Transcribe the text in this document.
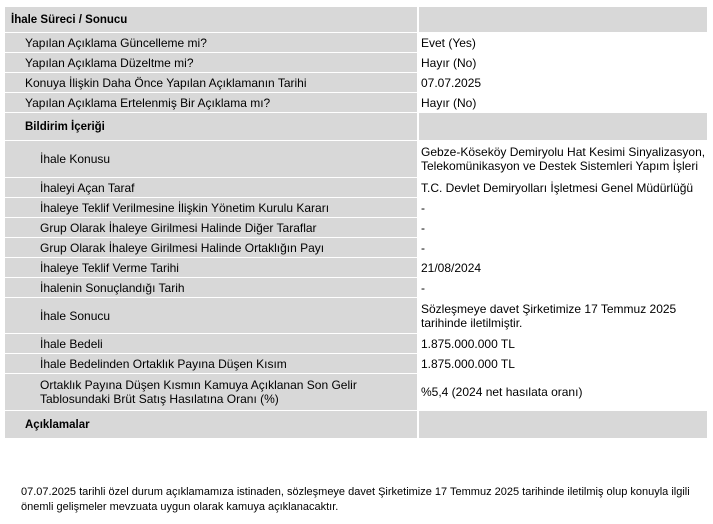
İhale Süreci / Sonucu		
Yapılan Açıklama Güncelleme mi?		Evet (Yes)
Yapılan Açıklama Düzeltme mi?		Hayır (No)
Konuya İlişkin Daha Önce Yapılan Açıklamanın Tarihi		07.07.2025
Yapılan Açıklama Ertelenmiş Bir Açıklama mı?		Hayır (No)
Bildirim İçeriği		
İhale Konusu		Gebze-Köseköy Demiryolu Hat Kesimi Sinyalizasyon, Telekomünikasyon ve Destek Sistemleri Yapım İşleri
İhaleyi Açan Taraf		T.C. Devlet Demiryolları İşletmesi Genel Müdürlüğü
İhaleye Teklif Verilmesine İlişkin Yönetim Kurulu Kararı		-
Grup Olarak İhaleye Girilmesi Halinde Diğer Taraflar		-
Grup Olarak İhaleye Girilmesi Halinde Ortaklığın Payı		-
İhaleye Teklif Verme Tarihi		21/08/2024
İhalenin Sonuçlandığı Tarih		-
İhale Sonucu		Sözleşmeye davet Şirketimize 17 Temmuz 2025 tarihinde iletilmiştir.
İhale Bedeli		1.875.000.000 TL
İhale Bedelinden Ortaklık Payına Düşen Kısım		1.875.000.000 TL
Ortaklık Payına Düşen Kısmın Kamuya Açıklanan Son Gelir Tablosundaki Brüt Satış Hasılatına Oranı (%)		%5,4 (2024 net hasılata oranı)
Açıklamalar		

07.07.2025 tarihli özel durum açıklamamıza istinaden, sözleşmeye davet Şirketimize 17 Temmuz 2025 tarihinde iletilmiş olup konuyla ilgili önemli gelişmeler mevzuata uygun olarak kamuya açıklanacaktır.
